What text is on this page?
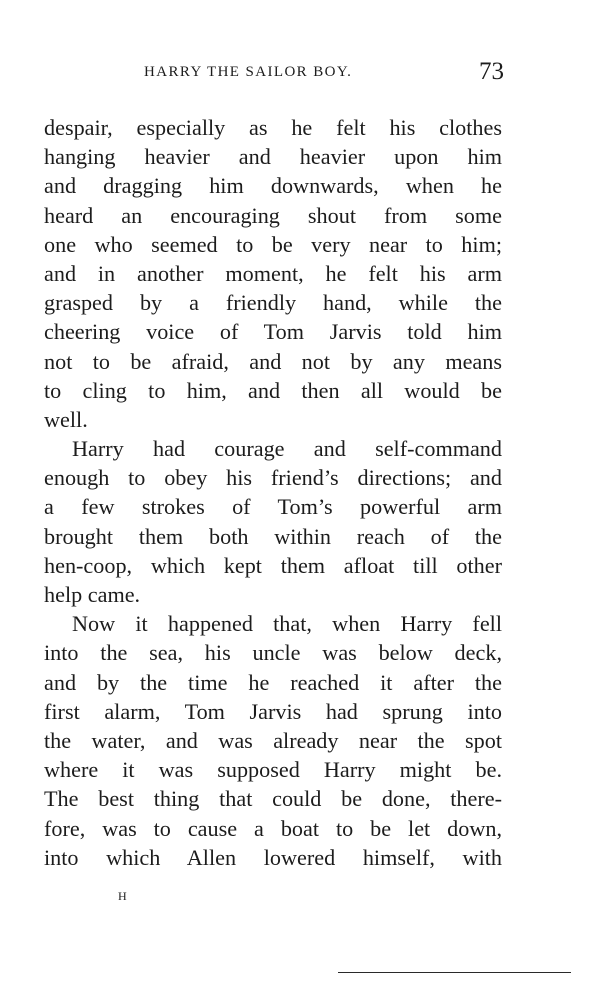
HARRY THE SAILOR BOY.	73
despair, especially as he felt his clothes
hanging heavier and heavier upon him
and dragging him downwards, when he
heard an encouraging shout from some
one who seemed to be very near to him;
and in another moment, he felt his arm
grasped by a friendly hand, while the
cheering voice of Tom Jarvis told him
not to be afraid, and not by any means
to cling to him, and then all would be
well.
Harry had courage and self-command
enough to obey his friend’s directions; and
a few strokes of Tom’s powerful arm
brought them both within reach of the
hen-coop, which kept them afloat till other
help came.
Now it happened that, when Harry fell
into the sea, his uncle was below deck,
and by the time he reached it after the
first alarm, Tom Jarvis had sprung into
the water, and was already near the spot
where it was supposed Harry might be.
The best thing that could be done, there-
fore, was to cause a boat to be let down,
into which Allen lowered himself, with
H
